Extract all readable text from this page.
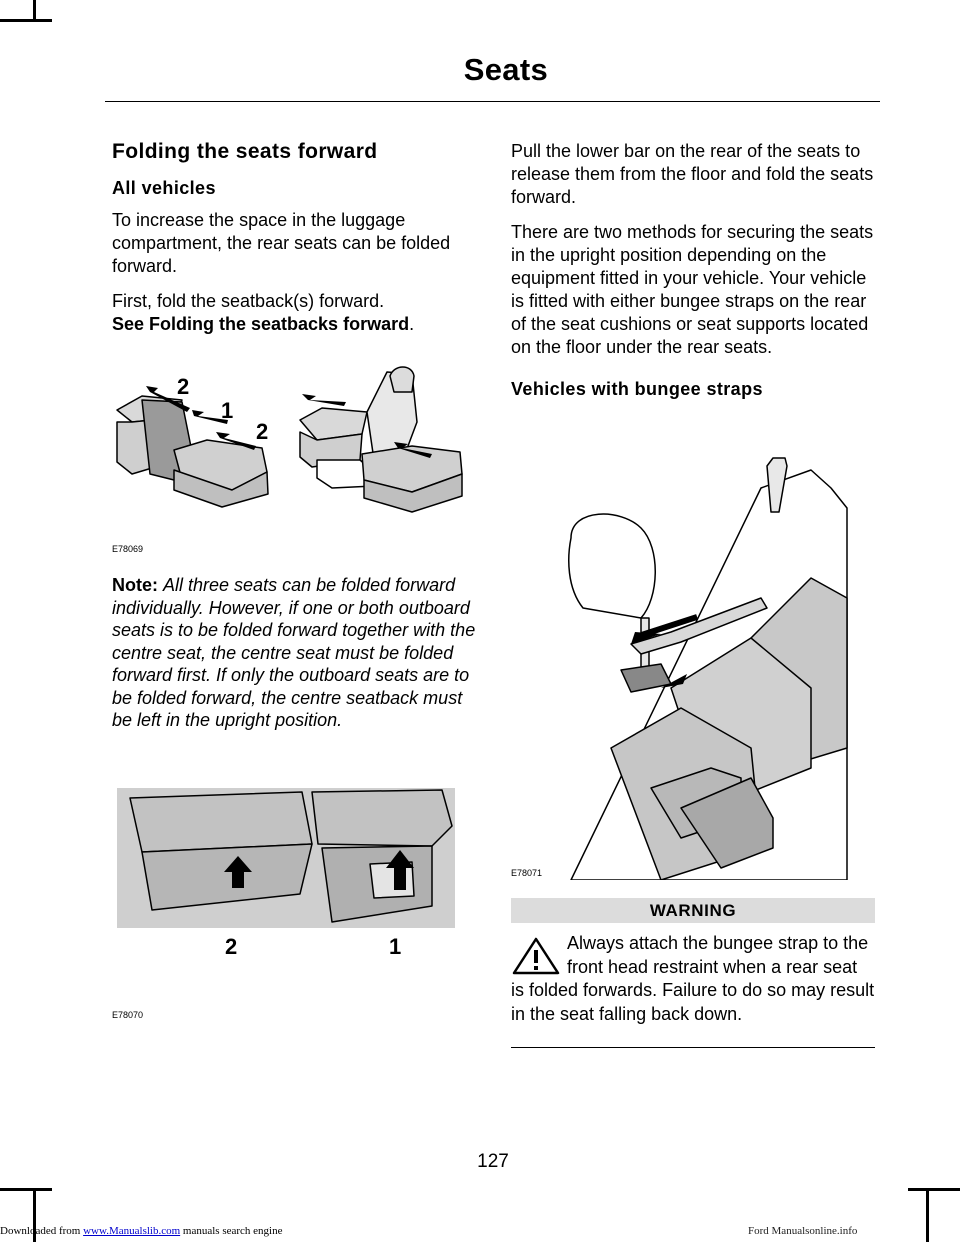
Seats
Folding the seats forward
All vehicles

To increase the space in the luggage compartment, the rear seats can be folded forward.

First, fold the seatback(s) forward.
See Folding the seatbacks forward.

2
1
2
E78069

Note: All three seats can be folded forward individually. However, if one or both outboard seats is to be folded forward together with the centre seat, the centre seat must be folded forward first. If only the outboard seats are to be folded forward, the centre seatback must be left in the upright position.

2	1
E78070

Pull the lower bar on the rear of the seats to release them from the floor and fold the seats forward.

There are two methods for securing the seats in the upright position depending on the equipment fitted in your vehicle. Your vehicle is fitted with either bungee straps on the rear of the seat cushions or seat supports located on the floor under the rear seats.

Vehicles with bungee straps
E78071
WARNING
Always attach the bungee strap to the front head restraint when a rear seat is folded forwards. Failure to do so may result in the seat falling back down.
127
Downloaded from www.Manualslib.com manuals search engine	Ford Manualsonline.info
